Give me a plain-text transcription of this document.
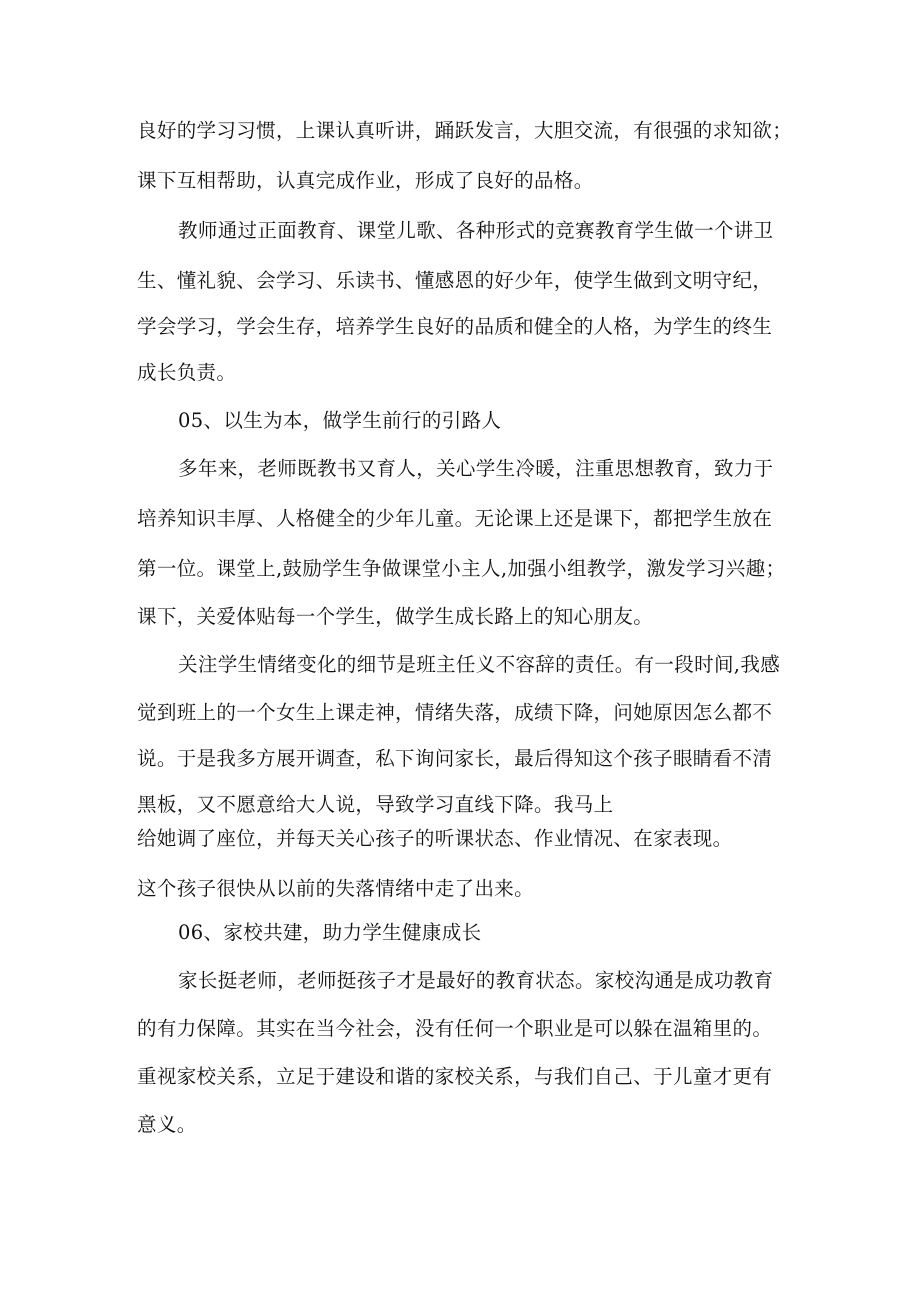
良好的学习习惯，上课认真听讲，踊跃发言，大胆交流，有很强的求知欲；
课下互相帮助，认真完成作业，形成了良好的品格。
教师通过正面教育、课堂儿歌、各种形式的竞赛教育学生做一个讲卫
生、懂礼貌、会学习、乐读书、懂感恩的好少年，使学生做到文明守纪，
学会学习，学会生存，培养学生良好的品质和健全的人格，为学生的终生
成长负责。
05、以生为本，做学生前行的引路人
多年来，老师既教书又育人，关心学生冷暖，注重思想教育，致力于
培养知识丰厚、人格健全的少年儿童。无论课上还是课下，都把学生放在
第一位。课堂上,鼓励学生争做课堂小主人,加强小组教学，激发学习兴趣；
课下，关爱体贴每一个学生，做学生成长路上的知心朋友。
关注学生情绪变化的细节是班主任义不容辞的责任。有一段时间,我感
觉到班上的一个女生上课走神，情绪失落，成绩下降，问她原因怎么都不
说。于是我多方展开调查，私下询问家长，最后得知这个孩子眼睛看不清
黑板，又不愿意给大人说，导致学习直线下降。我马上
给她调了座位，并每天关心孩子的听课状态、作业情况、在家表现。
这个孩子很快从以前的失落情绪中走了出来。
06、家校共建，助力学生健康成长
家长挺老师，老师挺孩子才是最好的教育状态。家校沟通是成功教育
的有力保障。其实在当今社会，没有任何一个职业是可以躲在温箱里的。
重视家校关系，立足于建设和谐的家校关系，与我们自己、于儿童才更有
意义。
